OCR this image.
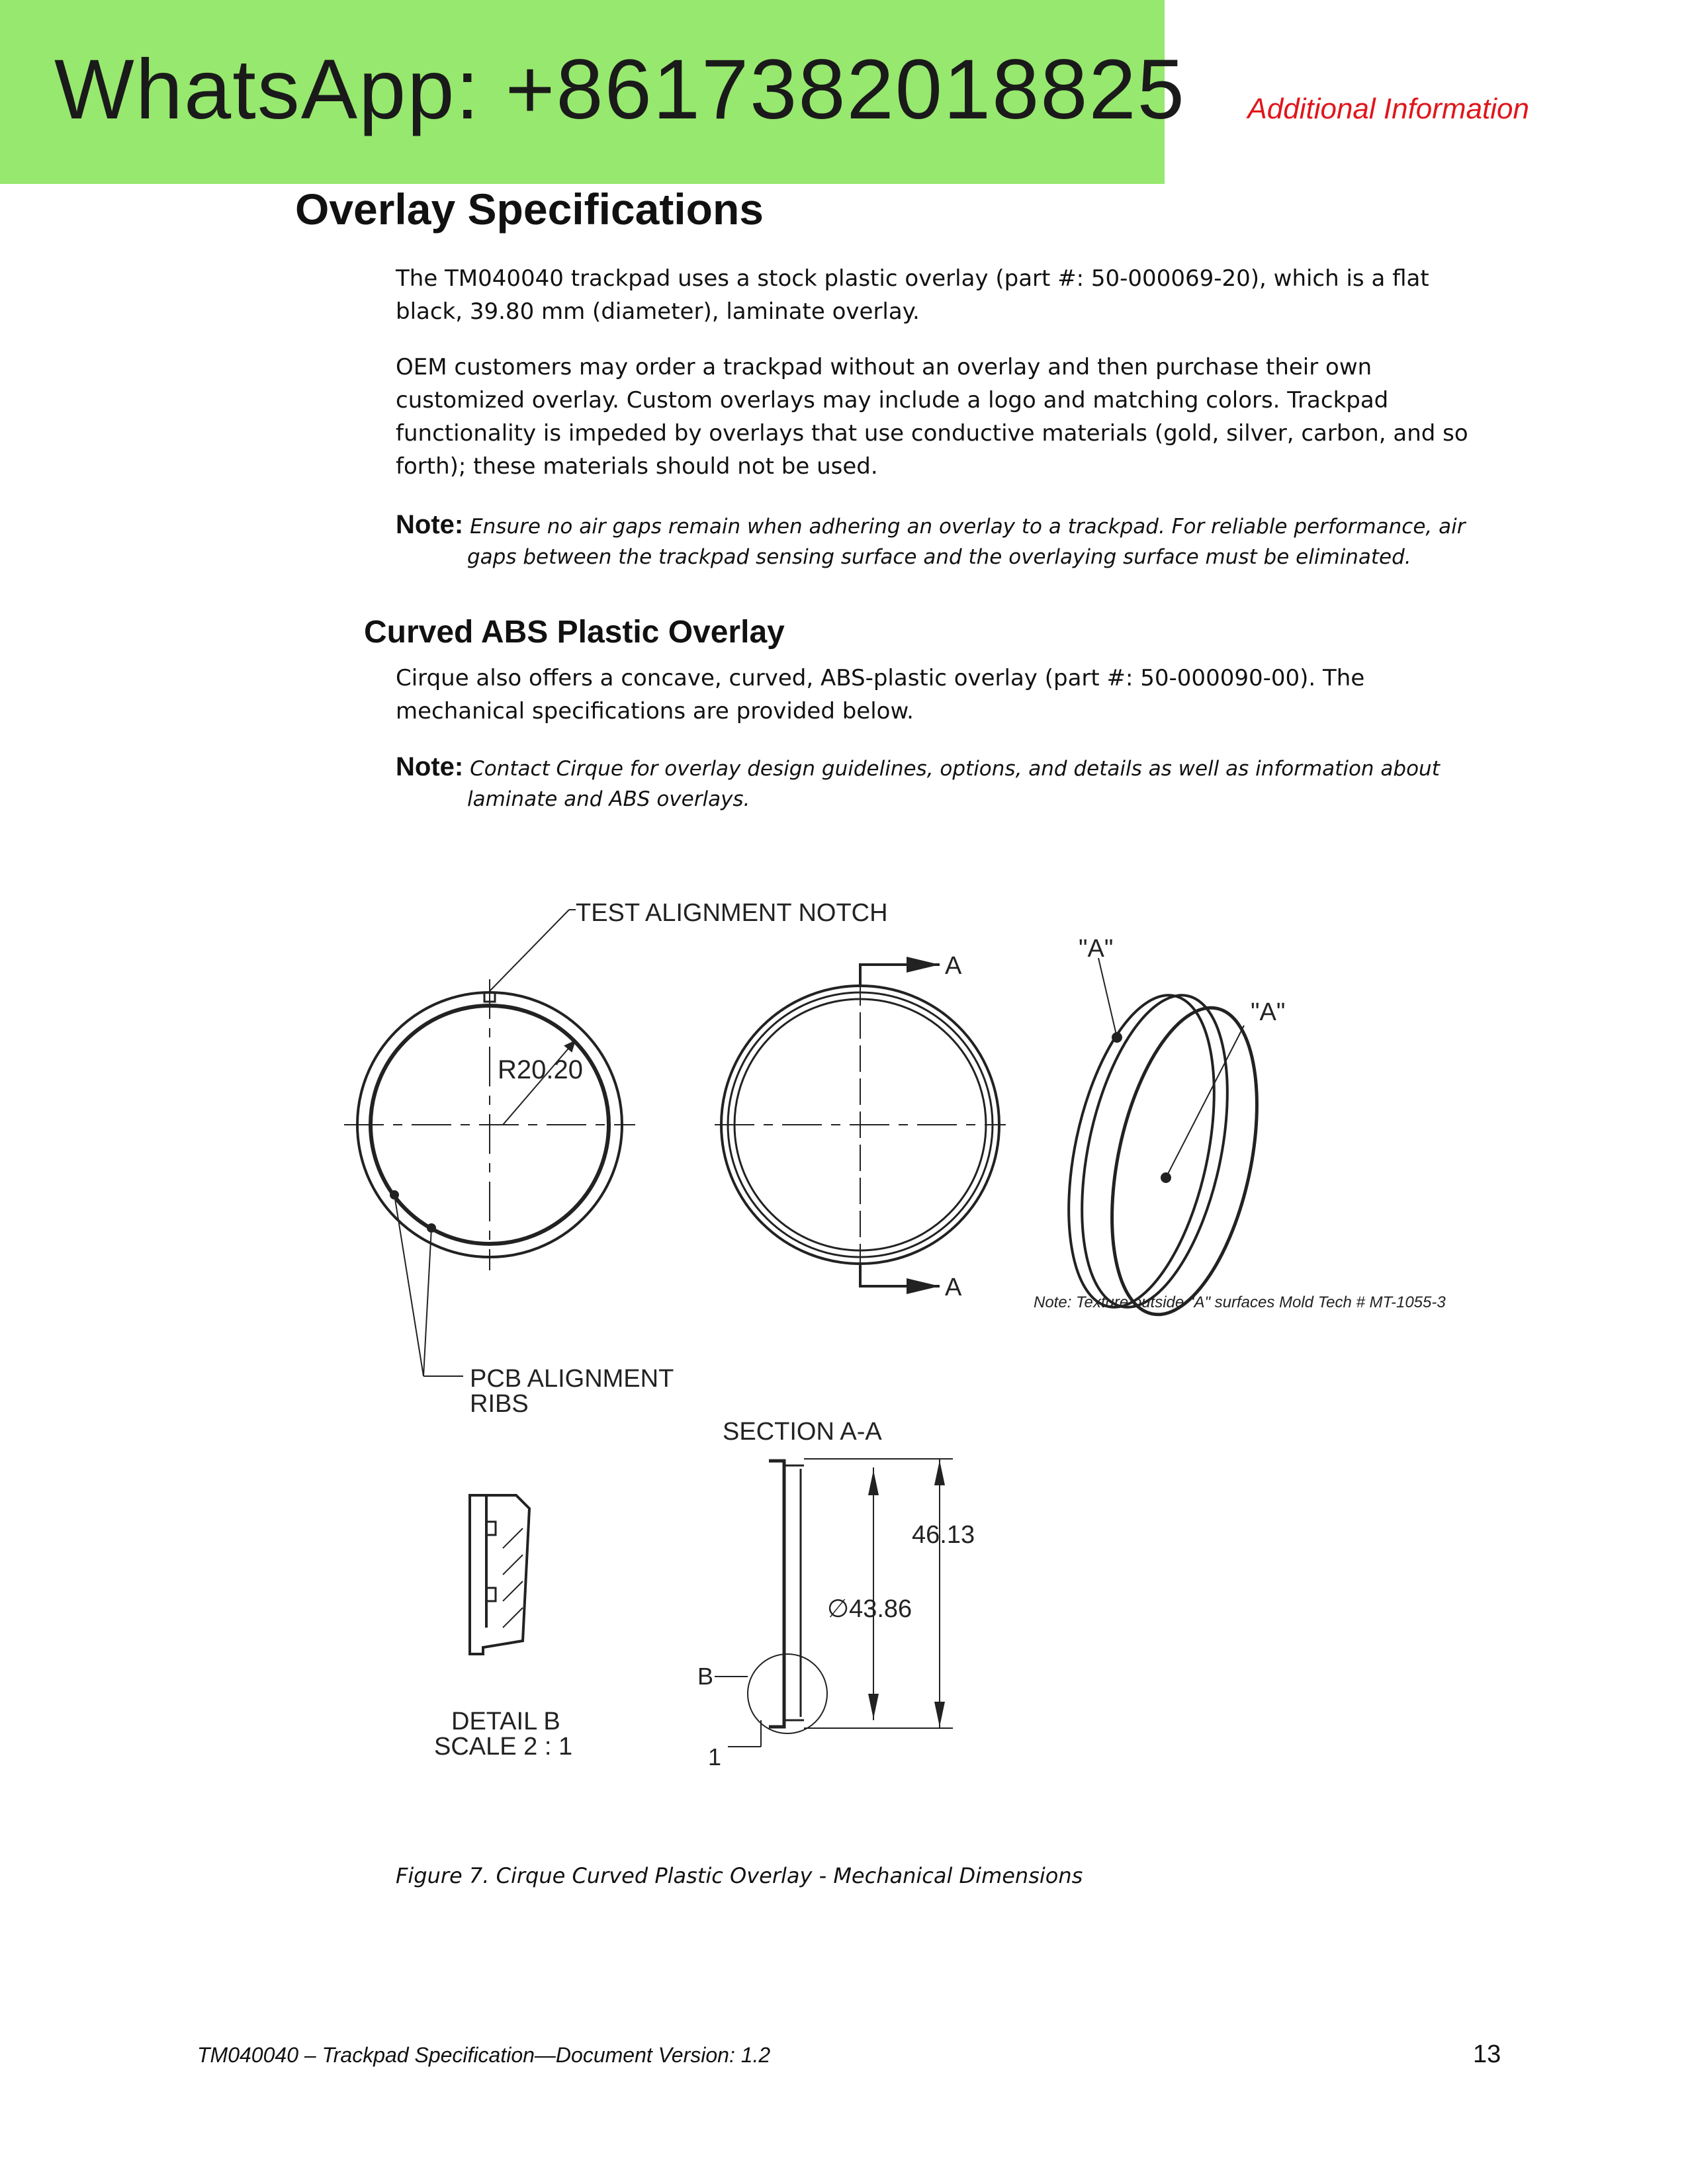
WhatsApp: +8617382018825 Additional Information
Overlay Specifications
The TM040040 trackpad uses a stock plastic overlay (part #: 50-000069-20), which is a flat black, 39.80 mm (diameter), laminate overlay.
OEM customers may order a trackpad without an overlay and then purchase their own customized overlay. Custom overlays may include a logo and matching colors. Trackpad functionality is impeded by overlays that use conductive materials (gold, silver, carbon, and so forth); these materials should not be used.
Note: Ensure no air gaps remain when adhering an overlay to a trackpad. For reliable performance, air
gaps between the trackpad sensing surface and the overlaying surface must be eliminated.
Curved ABS Plastic Overlay
Cirque also offers a concave, curved, ABS-plastic overlay (part #: 50-000090-00). The mechanical specifications are provided below.
Note: Contact Cirque for overlay design guidelines, options, and details as well as information about
laminate and ABS overlays.
TEST ALIGNMENT NOTCH
R20.20
PCB ALIGNMENT
RIBS
A
A
"A"
"A"
Note: Texture outside "A" surfaces Mold Tech # MT-1055-3
SECTION A-A
46.13
∅43.86
B
1
DETAIL B
SCALE 2 : 1
Figure 7. Cirque Curved Plastic Overlay - Mechanical Dimensions
TM040040 – Trackpad Specification—Document Version: 1.2	13
